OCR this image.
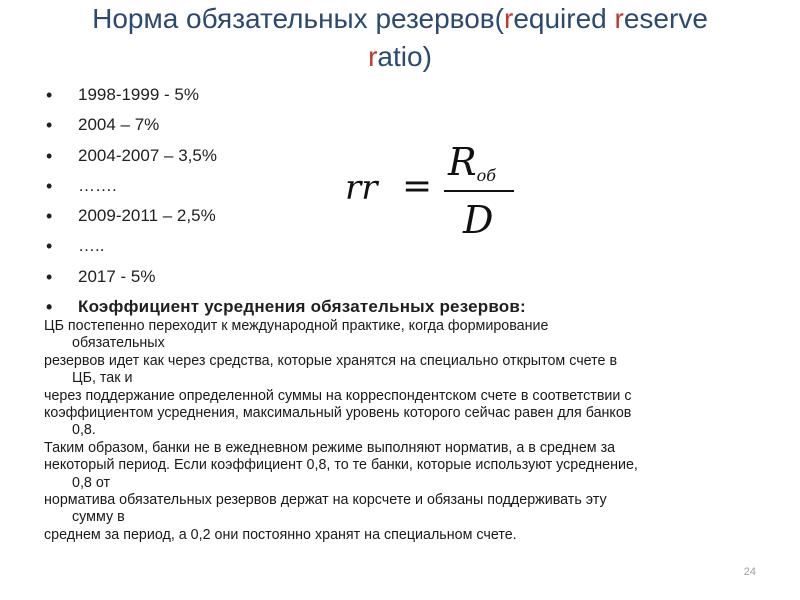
Норма обязательных резервов(required reserve
ratio)
• 1998-1999 - 5%
• 2004 – 7%
• 2004-2007 – 3,5%
• …….
• 2009-2011 – 2,5%
• …..
• 2017 - 5%
• Коэффициент усреднения обязательных резервов:
rr =
Rоб
D
ЦБ постепенно переходит к международной практике, когда формирование
обязательных
резервов идет как через средства, которые хранятся на специально открытом счете в
ЦБ, так и
через поддержание определенной суммы на корреспондентском счете в соответствии с
коэффициентом усреднения, максимальный уровень которого сейчас равен для банков
0,8.
Таким образом, банки не в ежедневном режиме выполняют норматив, а в среднем за
некоторый период. Если коэффициент 0,8, то те банки, которые используют усреднение,
0,8 от
норматива обязательных резервов держат на корсчете и обязаны поддерживать эту
сумму в
среднем за период, а 0,2 они постоянно хранят на специальном счете.
24
